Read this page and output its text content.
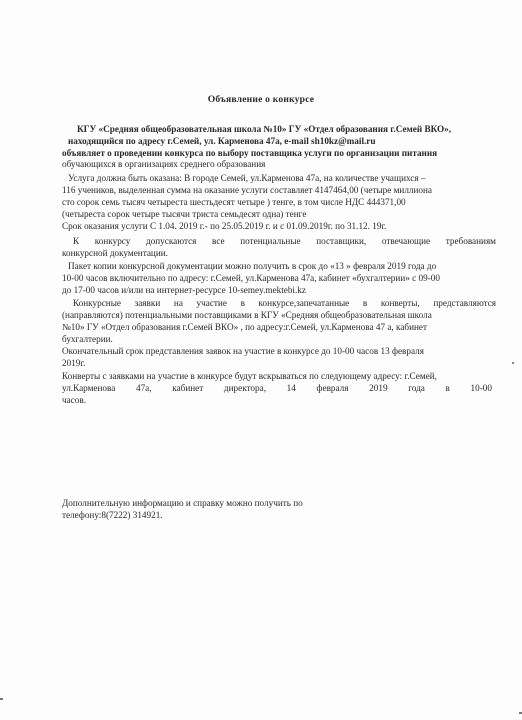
Объявление о конкурсе
КГУ «Средняя общеобразовательная школа №10» ГУ «Отдел образования г.Семей ВКО»,
находящийся по адресу г.Семей, ул. Карменова 47а, e-mail sh10kz@mail.ru
объявляет о проведении конкурса по выбору поставщика услуги по организации питания
обучающихся в организациях среднего образования
Услуга должна быть оказана: В городе Семей, ул.Карменова 47а, на количестве учащихся –
116 учеников, выделенная сумма на оказание услуги составляет 4147464,00 (четыре миллиона
сто сорок семь тысяч четыреста шестьдесят четыре ) тенге, в том числе НДС 444371,00
(четыреста сорок четыре тысячи триста семьдесят одна) тенге
Срок оказания услуги С 1.04. 2019 г.- по 25.05.2019 г. и с 01.09.2019г. по 31.12. 19г.
К конкурсу допускаются все потенциальные поставщики, отвечающие требованиям
конкурсной документации.
Пакет копии конкурсной документации можно получить в срок до «13 » февраля 2019 года до
10-00 часов включительно по адресу: г.Семей, ул.Карменова 47а, кабинет «бухгалтерии» с 09-00
до 17-00 часов и/или на интернет-ресурсе 10-semey.mektebi.kz
Конкурсные заявки на участие в конкурсе,запечатанные в конверты, представляются
(направляются) потенциальными поставщиками в КГУ «Средняя общеобразовательная школа
№10» ГУ «Отдел образования г.Семей ВКО» , по адресу:г.Семей, ул.Карменова 47 а, кабинет
бухгалтерии.
Окончательный срок представления заявок на участие в конкурсе до 10-00 часов 13 февраля
2019г.
Конверты с заявками на участие в конкурсе будут вскрываться по следующему адресу: г.Семей,
ул.Карменова 47а, кабинет директора, 14 февраля 2019 года в 10-00
часов.
Дополнительную информацию и справку можно получить по
телефону:8(7222) 314921.
